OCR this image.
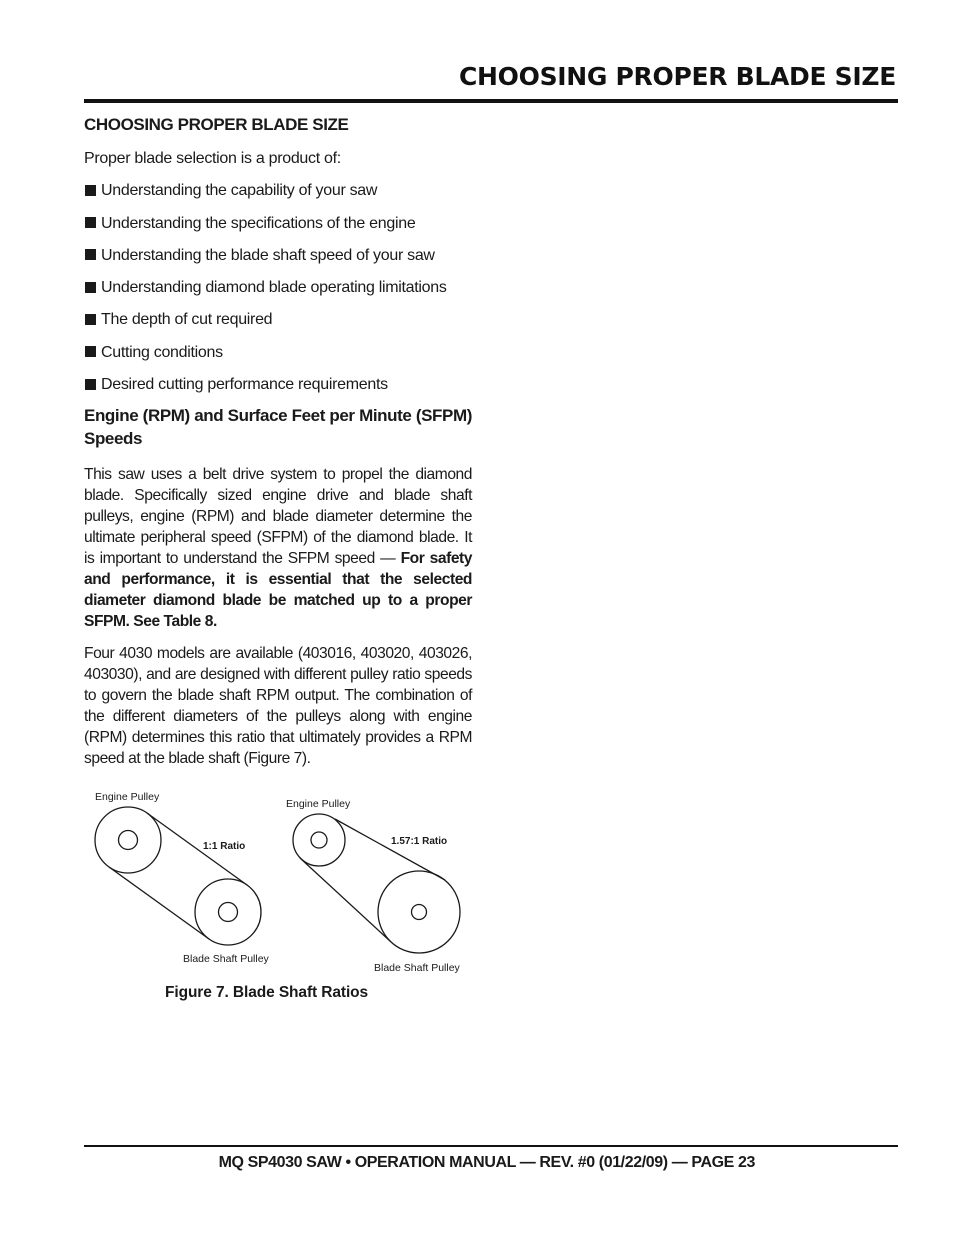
CHOOSING PROPER BLADE SIZE
CHOOSING PROPER BLADE SIZE

Proper blade selection is a product of:

Understanding the capability of your saw
Understanding the specifications of the engine
Understanding the blade shaft speed of your saw
Understanding diamond blade operating limitations
The depth of cut required
Cutting conditions
Desired cutting performance requirements
Engine (RPM) and Surface Feet per Minute (SFPM) Speeds

This saw uses a belt drive system to propel the diamond blade. Specifically sized engine drive and blade shaft pulleys, engine (RPM) and blade diameter determine the ultimate peripheral speed (SFPM) of the diamond blade. It is important to understand the SFPM speed — For safety and performance, it is essential that the selected diameter diamond blade be matched up to a proper SFPM. See Table 8.

Four 4030 models are available (403016, 403020, 403026, 403030), and are designed with different pulley ratio speeds to govern the blade shaft RPM output. The combination of the different diameters of the pulleys along with engine (RPM) determines this ratio that ultimately provides a RPM speed at the blade shaft (Figure 7).

Engine Pulley
1:1 Ratio
Blade Shaft Pulley
Engine Pulley
1.57:1 Ratio
Blade Shaft Pulley
Figure 7. Blade Shaft Ratios
MQ SP4030 SAW • OPERATION MANUAL — REV. #0 (01/22/09) — PAGE 23
